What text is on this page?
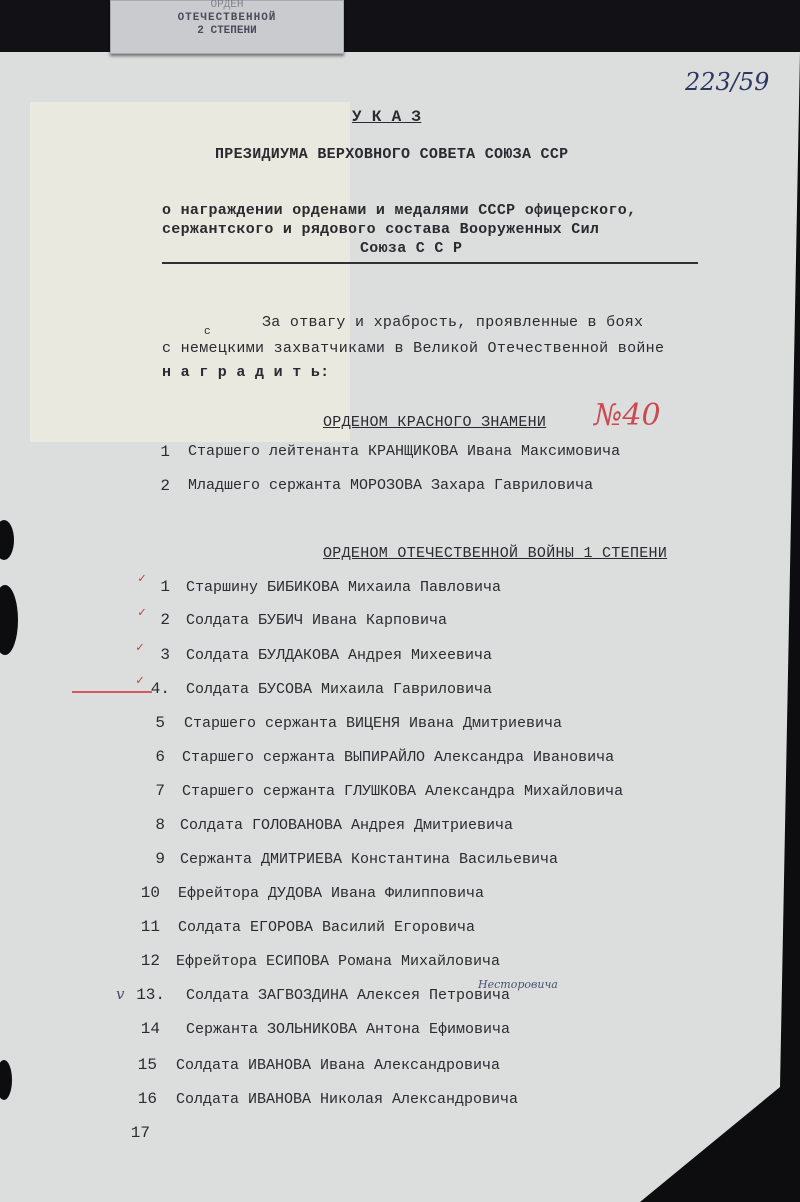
ОРДЕН
ОТЕЧЕСТВЕННОЙ
2 СТЕПЕНИ
223/59
У К А З
ПРЕЗИДИУМА ВЕРХОВНОГО СОВЕТА СОЮЗА ССР
о награждении орденами и медалями СССР офицерского,
сержантского и рядового состава Вооруженных Сил
Союза С С Р
За отвагу и храбрость, проявленные в боях
с немецкими захватчиками в Великой Отечественной войне
с
н а г р а д и т ь:
ОРДЕНОМ КРАСНОГО ЗНАМЕНИ №40
1 Старшего лейтенанта КРАНЩИКОВА Ивана Максимовича
2 Младшего сержанта МОРОЗОВА Захара Гавриловича
ОРДЕНОМ ОТЕЧЕСТВЕННОЙ ВОЙНЫ 1 СТЕПЕНИ
✓
✓
✓
✓
1 Старшину БИБИКОВА Михаила Павловича
2 Солдата БУБИЧ Ивана Карповича
3 Солдата БУЛДАКОВА Андрея Михеевича
4. Солдата БУСОВА Михаила Гавриловича
5 Старшего сержанта ВИЦЕНЯ Ивана Дмитриевича
6 Старшего сержанта ВЫПИРАЙЛО Александра Ивановича
7 Старшего сержанта ГЛУШКОВА Александра Михайловича
8 Солдата ГОЛОВАНОВА Андрея Дмитриевича
9 Сержанта ДМИТРИЕВА Константина Васильевича
10 Ефрейтора ДУДОВА Ивана Филипповича
11 Солдата ЕГОРОВА Василий Егоровича
12 Ефрейтора ЕСИПОВА Романа Михайловича
13. Солдата ЗАГВОЗДИНА Алексея Петровича
14 Сержанта ЗОЛЬНИКОВА Антона Ефимовича
15 Солдата ИВАНОВА Ивана Александровича
16 Солдата ИВАНОВА Николая Александровича
17
v
Несторовича
